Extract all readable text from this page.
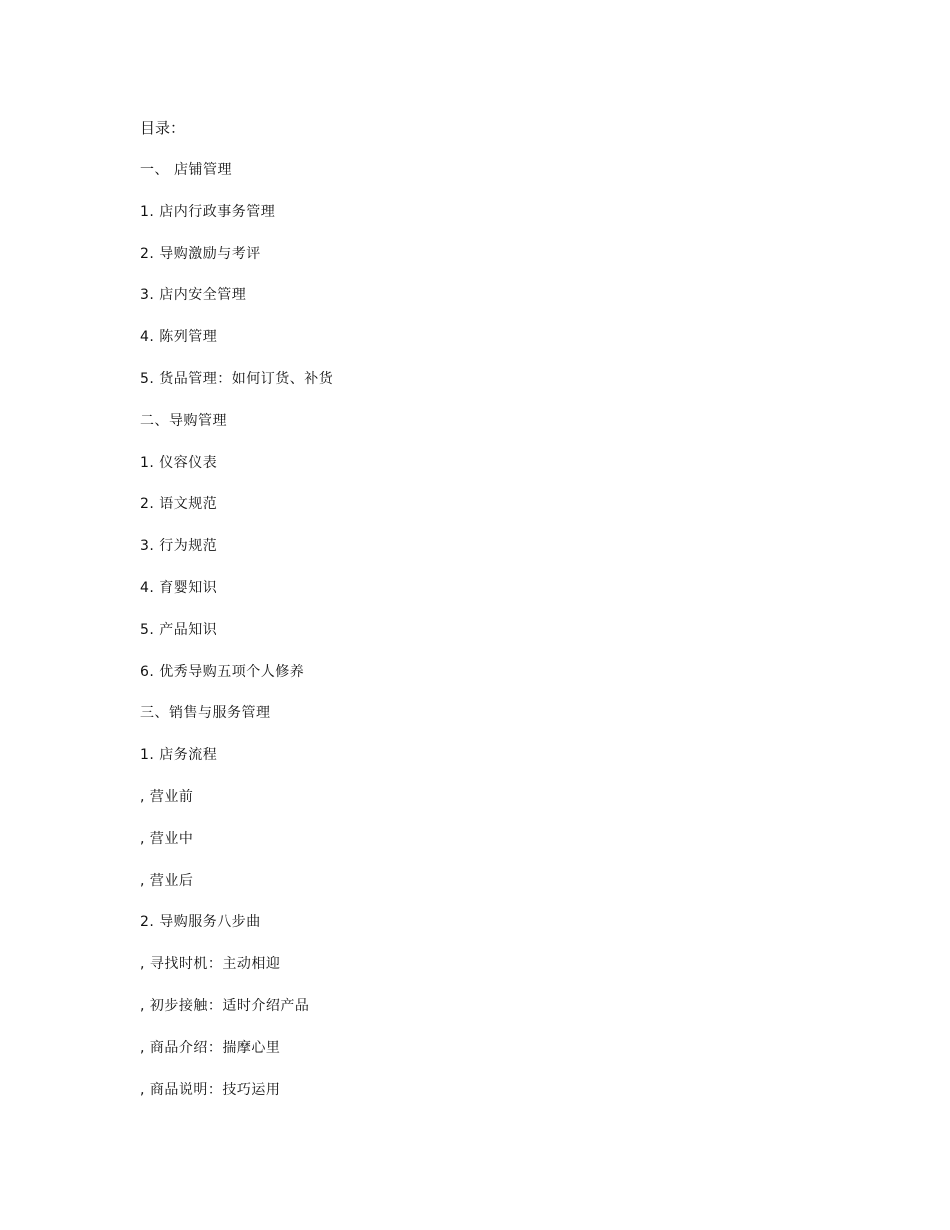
目录：
一、 店铺管理
1. 店内行政事务管理
2. 导购激励与考评
3. 店内安全管理
4. 陈列管理
5. 货品管理：如何订货、补货
二、导购管理
1. 仪容仪表
2. 语文规范
3. 行为规范
4. 育婴知识
5. 产品知识
6. 优秀导购五项个人修养
三、销售与服务管理
1. 店务流程
, 营业前
, 营业中
, 营业后
2. 导购服务八步曲
, 寻找时机：主动相迎
, 初步接触：适时介绍产品
, 商品介绍：揣摩心里
, 商品说明：技巧运用
